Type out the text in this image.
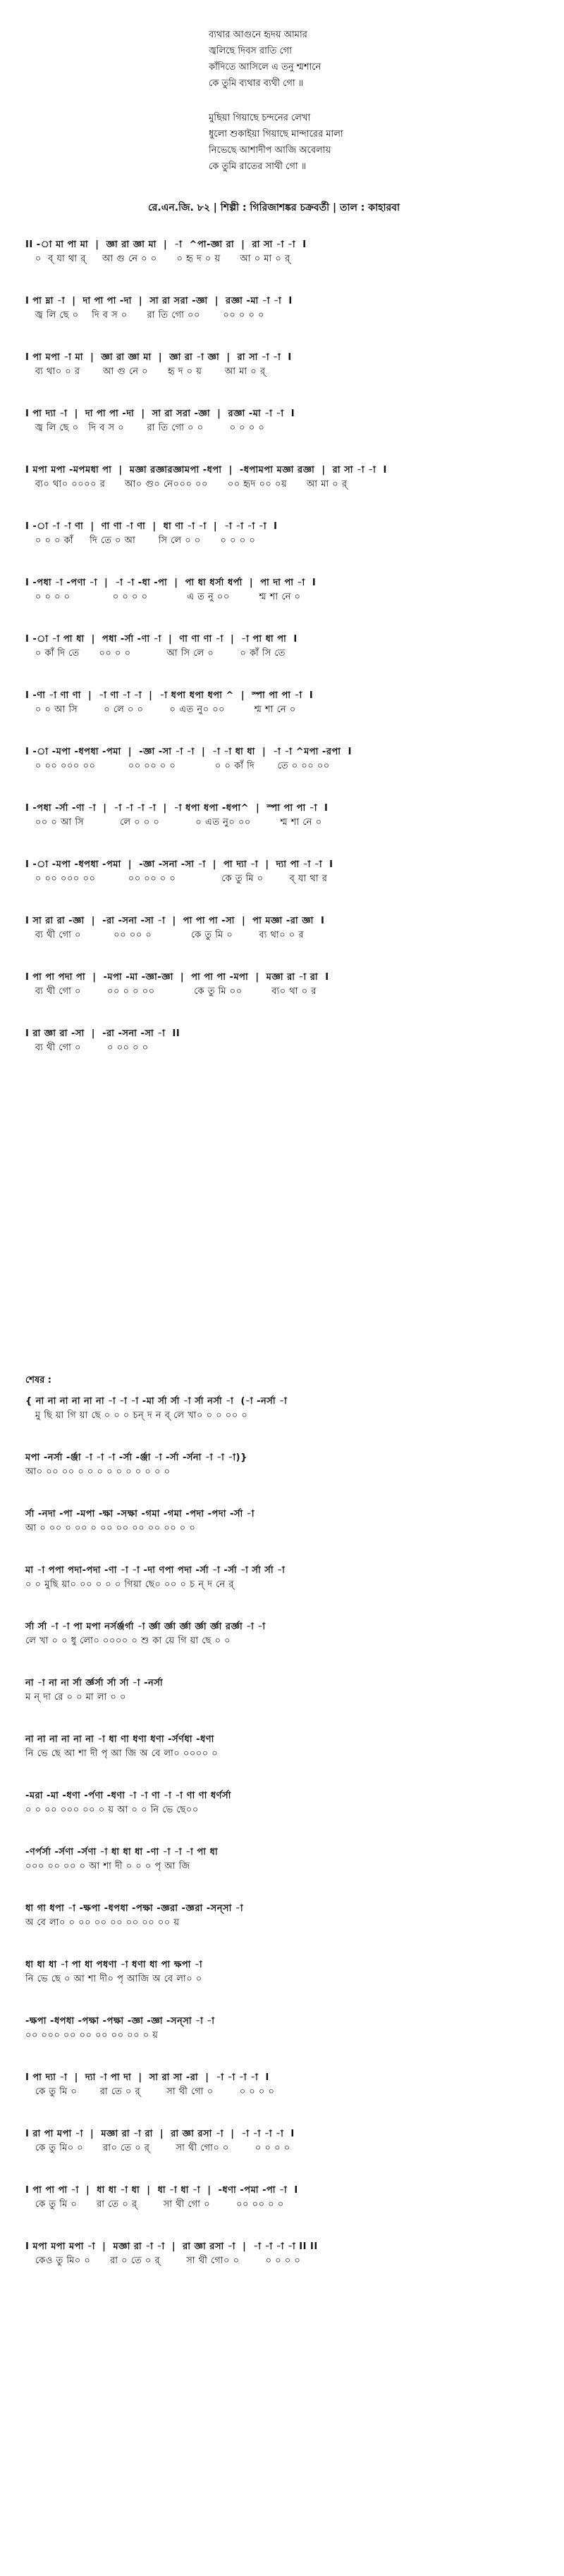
ব্যথার আগুনে হৃদয় আমার
জ্বলিছে দিবস রাতি গো
কাঁদিতে আসিলে এ তনু শ্মশানে
কে তুমি ব্যথার ব্যথী গো ॥
মুছিয়া গিয়াছে চন্দনের লেখা
ধুলো শুকাইয়া গিয়াছে মান্দারের মালা
নিভেছে আশাদীপ আজি অবেলায়
কে তুমি রাতের সাথী গো ॥
রে.এন.জি. ৮২ | শিল্পী : গিরিজাশঙ্কর চক্রবর্তী | তাল : কাহারবা
II -া মা পা মা  |  জ্ঞা রা জ্ঞা মা  |  -া  ^পা-জ্ঞা রা  |  রা সা -া -া  I
০  ব্ যা থা র্     আ গু নে ০ ০      ০ হৃ দ ০ য়      আ ০ মা ০ র্
I পা ম্না -া  |  দা পা পা -দা  |  সা রা সরা -জ্ঞা  |  রজ্ঞা -মা -া -া  I
জ্ব লি ছে ০    দি ব স ০      রা তি গো ০০       ০০ ০ ০ ০
I পা মপা -া মা  |  জ্ঞা রা জ্ঞা মা  |  জ্ঞা রা -া জ্ঞা  |  রা সা -া -া  I
ব্য থা০ ০ র       আ গু নে ০      হৃ দ ০ য়       আ মা ০ র্
I পা দ্যা -া  |  দা পা পা -দা  |  সা রা সরা -জ্ঞা  |  রজ্ঞা -মা -া -া  I
জ্ব লি ছে ০   দি ব স ০       রা তি গো ০ ০        ০ ০ ০ ০
I মপা মপা -মপমধা পা  |  মজ্ঞা রজ্ঞারজ্ঞামপা -ধপা  |  -ধপামপা মজ্ঞা রজ্ঞা  |  রা সা -া -া  I
ব্য০ থা০ ০০০০ র      আ০ গু০ নে০০০ ০০      ০০ হৃদ ০০ ০য়      আ মা ০ র্
I -া -া -া ণা  |  ণা ণা -া ণা  |  ধা ণা -া -া  |  -া -া -া -া  I
০ ০ ০ কাঁ     দি তে ০ আ       সি লে ০ ০      ০ ০ ০ ০
I -পধা -া -পণা -া  |  -া -া -ধা -পা  |  পা ধা ধর্সা ধর্পা  |  পা দা পা -া  I
০ ০ ০ ০             ০ ০ ০ ০            এ ত নু ০০         শ্ম শা নে ০
I -া -া পা ধা  |  পধা -র্সা -ণা -া  |  ণা ণা ণা -া  |  -া পা ধা পা  I
০ কাঁ দি তে      ০০ ০ ০           আ সি লে ০        ০ কাঁ সি তে
I -ণা -া ণা ণা  |  -া ণা -া -া  |  -া ধপা ধপা ধপা ^  |  স্পা পা পা -া  I
০ ০ আ সি        ০ লে ০ ০        ০ এত নু০ ০০         শ্ম শা নে ০
I -া -মপা -ধপধা -পমা  |  -জ্ঞা -সা -া -া  |  -া -া ধা ধা  |  -া -া ^মপা -রপা  I
০ ০০ ০০০ ০০          ০০ ০০ ০ ০            ০ ০ কাঁ দি       তে ০ ০০ ০০
I -পধা -র্সা -ণা -া  |  -া -া -া -া  |  -া ধপা ধপা -ধপা^  |  স্পা পা পা -া  I
০০ ০ আ সি           লে ০ ০ ০           ০ এত নু০ ০০         শ্ম শা নে ০
I -া -মপা -ধপধা -পমা  |  -জ্ঞা -সনা -সা -া  |  পা দ্যা -া  |  দ্যা পা -া -া  I
০ ০০ ০০০ ০০          ০০ ০০ ০ ০              কে তু মি ০        ব্ যা থা র
I সা রা রা -জ্ঞা  |  -রা -সনা -সা -া  |  পা পা পা -সা  |  পা মজ্ঞা -রা জ্ঞা  I
ব্য থী গো ০          ০০ ০০ ০            কে তু মি ০        ব্য থা০ ০ র
I পা পা পদা পা  |  -মপা -মা -জ্ঞা-জ্ঞা  |  পা পা পা -মপা  |  মজ্ঞা রা -া রা  I
ব্য থী গো ০        ০০ ০ ০ ০০            কে তু মি ০০         ব্য০ থা ০ র
I রা জ্ঞা রা -সা  |  -রা -সনা -সা -া  II
ব্য থী গো ০        ০ ০০ ০ ০
শেষর :
{ না না না না না না -া -া -া -মা র্সা র্সা -া র্সা নর্সা -া  (-া -নর্সা -া
মু ছি য়া গি য়া ছে ০ ০ ০ চন্ দ ন ব্ লে খা০ ০ ০ ০০ ০
মপা -নর্সা -র্ঞ্জা -া -া -া -র্সা -র্ঞ্জা -া -র্সা -র্সনা -া -া -া)}
আ০ ০০ ০০ ০ ০ ০ ০ ০ ০ ০ ০ ০ ০
র্সা -নদা -পা -মপা -ক্ষা -সক্ষা -গমা -গমা -পদা -পদা -র্সা -া
আ ০ ০০ ০ ০০ ০ ০০ ০০ ০০ ০০ ০০ ০ ০
মা -া পপা পদা-পদা -ণা -া -া -দা ণপা পদা -র্সা -া -র্সা -া র্সা র্সা -া
০ ০ মুছি য়া০ ০০ ০ ০ ০ গিয়া ছে০ ০০ ০ চ ন্ দ নে র্
র্সা র্সা -া -া পা মপা নর্সর্ঞ্জর্গা -া র্জ্ঞা র্জ্ঞা র্জ্ঞা র্জ্ঞা র্জ্ঞা রর্জ্ঞা -া -া
লে খা ০ ০ ধু লো০ ০০০০ ০ শু কা য়ে গি য়া ছে ০ ০
না -া না না র্সা র্জ্ঞর্সা র্সা র্সা -া -নর্সা
ম ন্ দা রে ০ ০ মা লা ০ ০
না না না না না না -া ধা ণা ধণা ধণা -র্সর্ণধা -ধণা
নি ভে ছে আ শা দী পৃ আ জি অ বে লা০ ০০০০ ০
-মরা -মা -ধণা -র্পণা -ধণা -া -া ণা -া -া ণা ণা ধর্ণর্সা
০ ০ ০০ ০০০ ০০ ০ য় আ ০ ০ নি ভে ছে০০
-ণর্পর্সা -র্সণা -র্সণা -া ধা ধা ধা -ণা -া -া -া পা ধা
০০০ ০০ ০০ ০ আ শা দী ০ ০ ০ পৃ আ জি
ধা গা ধপা -া -ক্ষপা -ধপধা -পক্ষা -জ্ঞরা -জ্ঞরা -সন্‌সা -া
অ বে লা০ ০ ০০ ০০ ০০ ০০ ০০ ০০ য়
ধা ধা ধা -া পা ধা পধণা -া ধণা ধা পা ক্ষপা -া
নি ভে ছে ০ আ শা দী০ পৃ আজি অ বে লা০ ০
-ক্ষপা -ধপধা -পক্ষা -পক্ষা -জ্ঞা -জ্ঞা -সন্‌সা -া -া
০০ ০০০ ০০ ০০ ০০ ০০ ০০ ০ য়
I পা দ্যা -া  |  দ্যা -া পা দা  |  সা রা সা -রা  |  -া -া -া -া  I
কে তু মি ০       রা তে ০ র্        সা থী গো ০        ০ ০ ০ ০
I রা পা মপা -া  |  মজ্ঞা রা -া রা  |  রা জ্ঞা রসা -া  |  -া -া -া -া  I
কে তু মি০ ০      রা০ তে ০ র্        সা থী গো০ ০        ০ ০ ০ ০
I পা পা পা -া  |  ধা ধা -া ধা  |  ধা -া ধা -া  |  -ধণা -পমা -পা -া  I
কে তু মি ০      রা তে ০ র্        সা থী গো ০        ০০ ০০ ০ ০
I মপা মপা মপা -া  |  মজ্ঞা রা -া -া  |  রা জ্ঞা রসা -া  |  -া -া -া -া II II
কেও তু মি০ ০      রা ০ তে ০ র্        সা থী গো০ ০        ০ ০ ০ ০
